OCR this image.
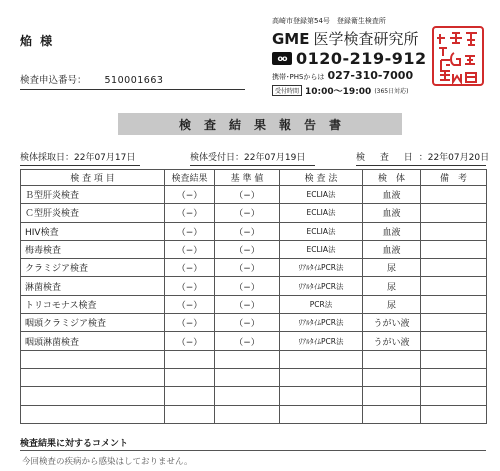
焔 様
検査申込番号： 510001663
高崎市登録第54号　登録衛生検査所
GME 医学検査研究所
oo 0120-219-912
携帯･PHSからは 027-310-7000
受付時間 10:00〜19:00 (365日対応)
検査結果報告書
検体採取日：22年07月17日	検体受付日：22年07月19日	検 査 日：22年07月20日
検 査 項 目	検査結果	基 準 値	検 査 法	検　体	備　考
Ｂ型肝炎検査	（−）	（−）	ECLIA法	血液	
Ｃ型肝炎検査	（−）	（−）	ECLIA法	血液	
HIV検査	（−）	（−）	ECLIA法	血液	
梅毒検査	（−）	（−）	ECLIA法	血液	
クラミジア検査	（−）	（−）	ﾘｱﾙﾀｲﾑPCR法	尿	
淋菌検査	（−）	（−）	ﾘｱﾙﾀｲﾑPCR法	尿	
トリコモナス検査	（−）	（−）	PCR法	尿	
咽頭クラミジア検査	（−）	（−）	ﾘｱﾙﾀｲﾑPCR法	うがい液	
咽頭淋菌検査	（−）	（−）	ﾘｱﾙﾀｲﾑPCR法	うがい液	

検査結果に対するコメント
今回検査の疾病から感染はしておりません。
